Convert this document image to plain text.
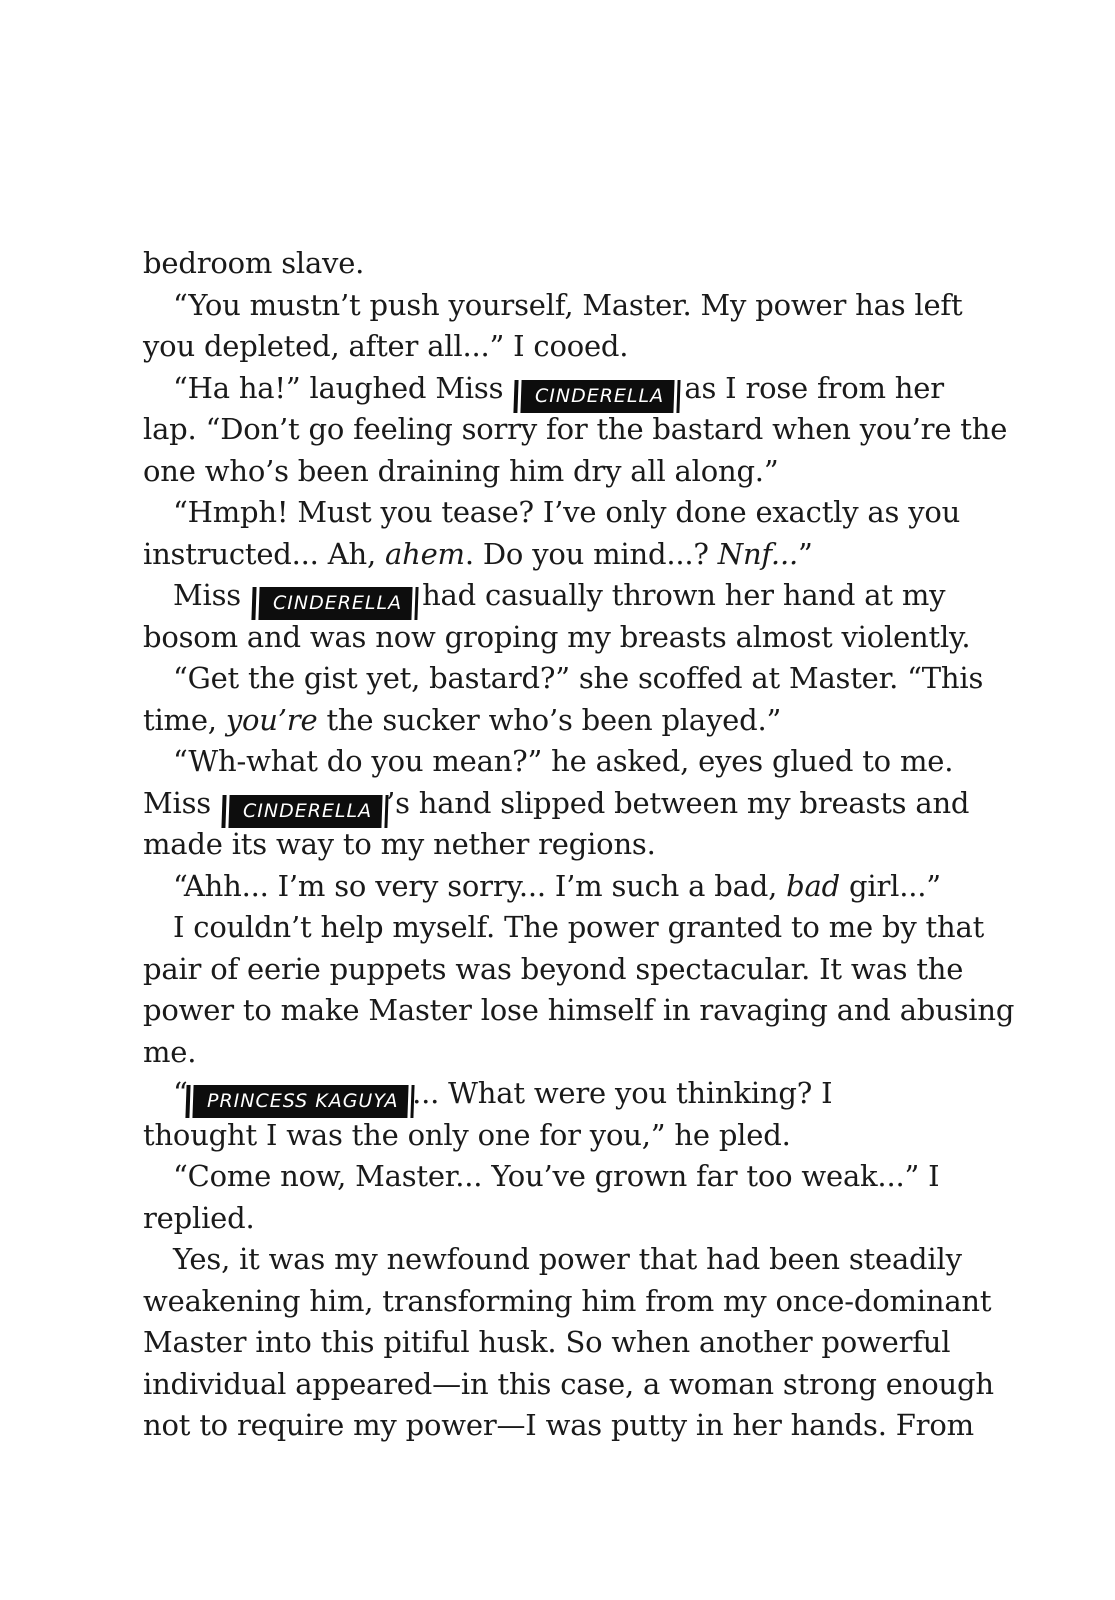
bedroom slave.
“You mustn’t push yourself, Master. My power has left
you depleted, after all...” I cooed.
“Ha ha!” laughed Miss CINDERELLA as I rose from her
lap. “Don’t go feeling sorry for the bastard when you’re the
one who’s been draining him dry all along.”
“Hmph! Must you tease? I’ve only done exactly as you
instructed... Ah, ahem. Do you mind...? Nnf...”
Miss CINDERELLA had casually thrown her hand at my
bosom and was now groping my breasts almost violently.
“Get the gist yet, bastard?” she scoffed at Master. “This
time, you’re the sucker who’s been played.”
“Wh-what do you mean?” he asked, eyes glued to me.
Miss CINDERELLA ’s hand slipped between my breasts and
made its way to my nether regions.
“Ahh... I’m so very sorry... I’m such a bad, bad girl...”
I couldn’t help myself. The power granted to me by that
pair of eerie puppets was beyond spectacular. It was the
power to make Master lose himself in ravaging and abusing
me.
“ PRINCESS KAGUYA ... What were you thinking? I
thought I was the only one for you,” he pled.
“Come now, Master... You’ve grown far too weak...” I
replied.
Yes, it was my newfound power that had been steadily
weakening him, transforming him from my once-dominant
Master into this pitiful husk. So when another powerful
individual appeared—in this case, a woman strong enough
not to require my power—I was putty in her hands. From
